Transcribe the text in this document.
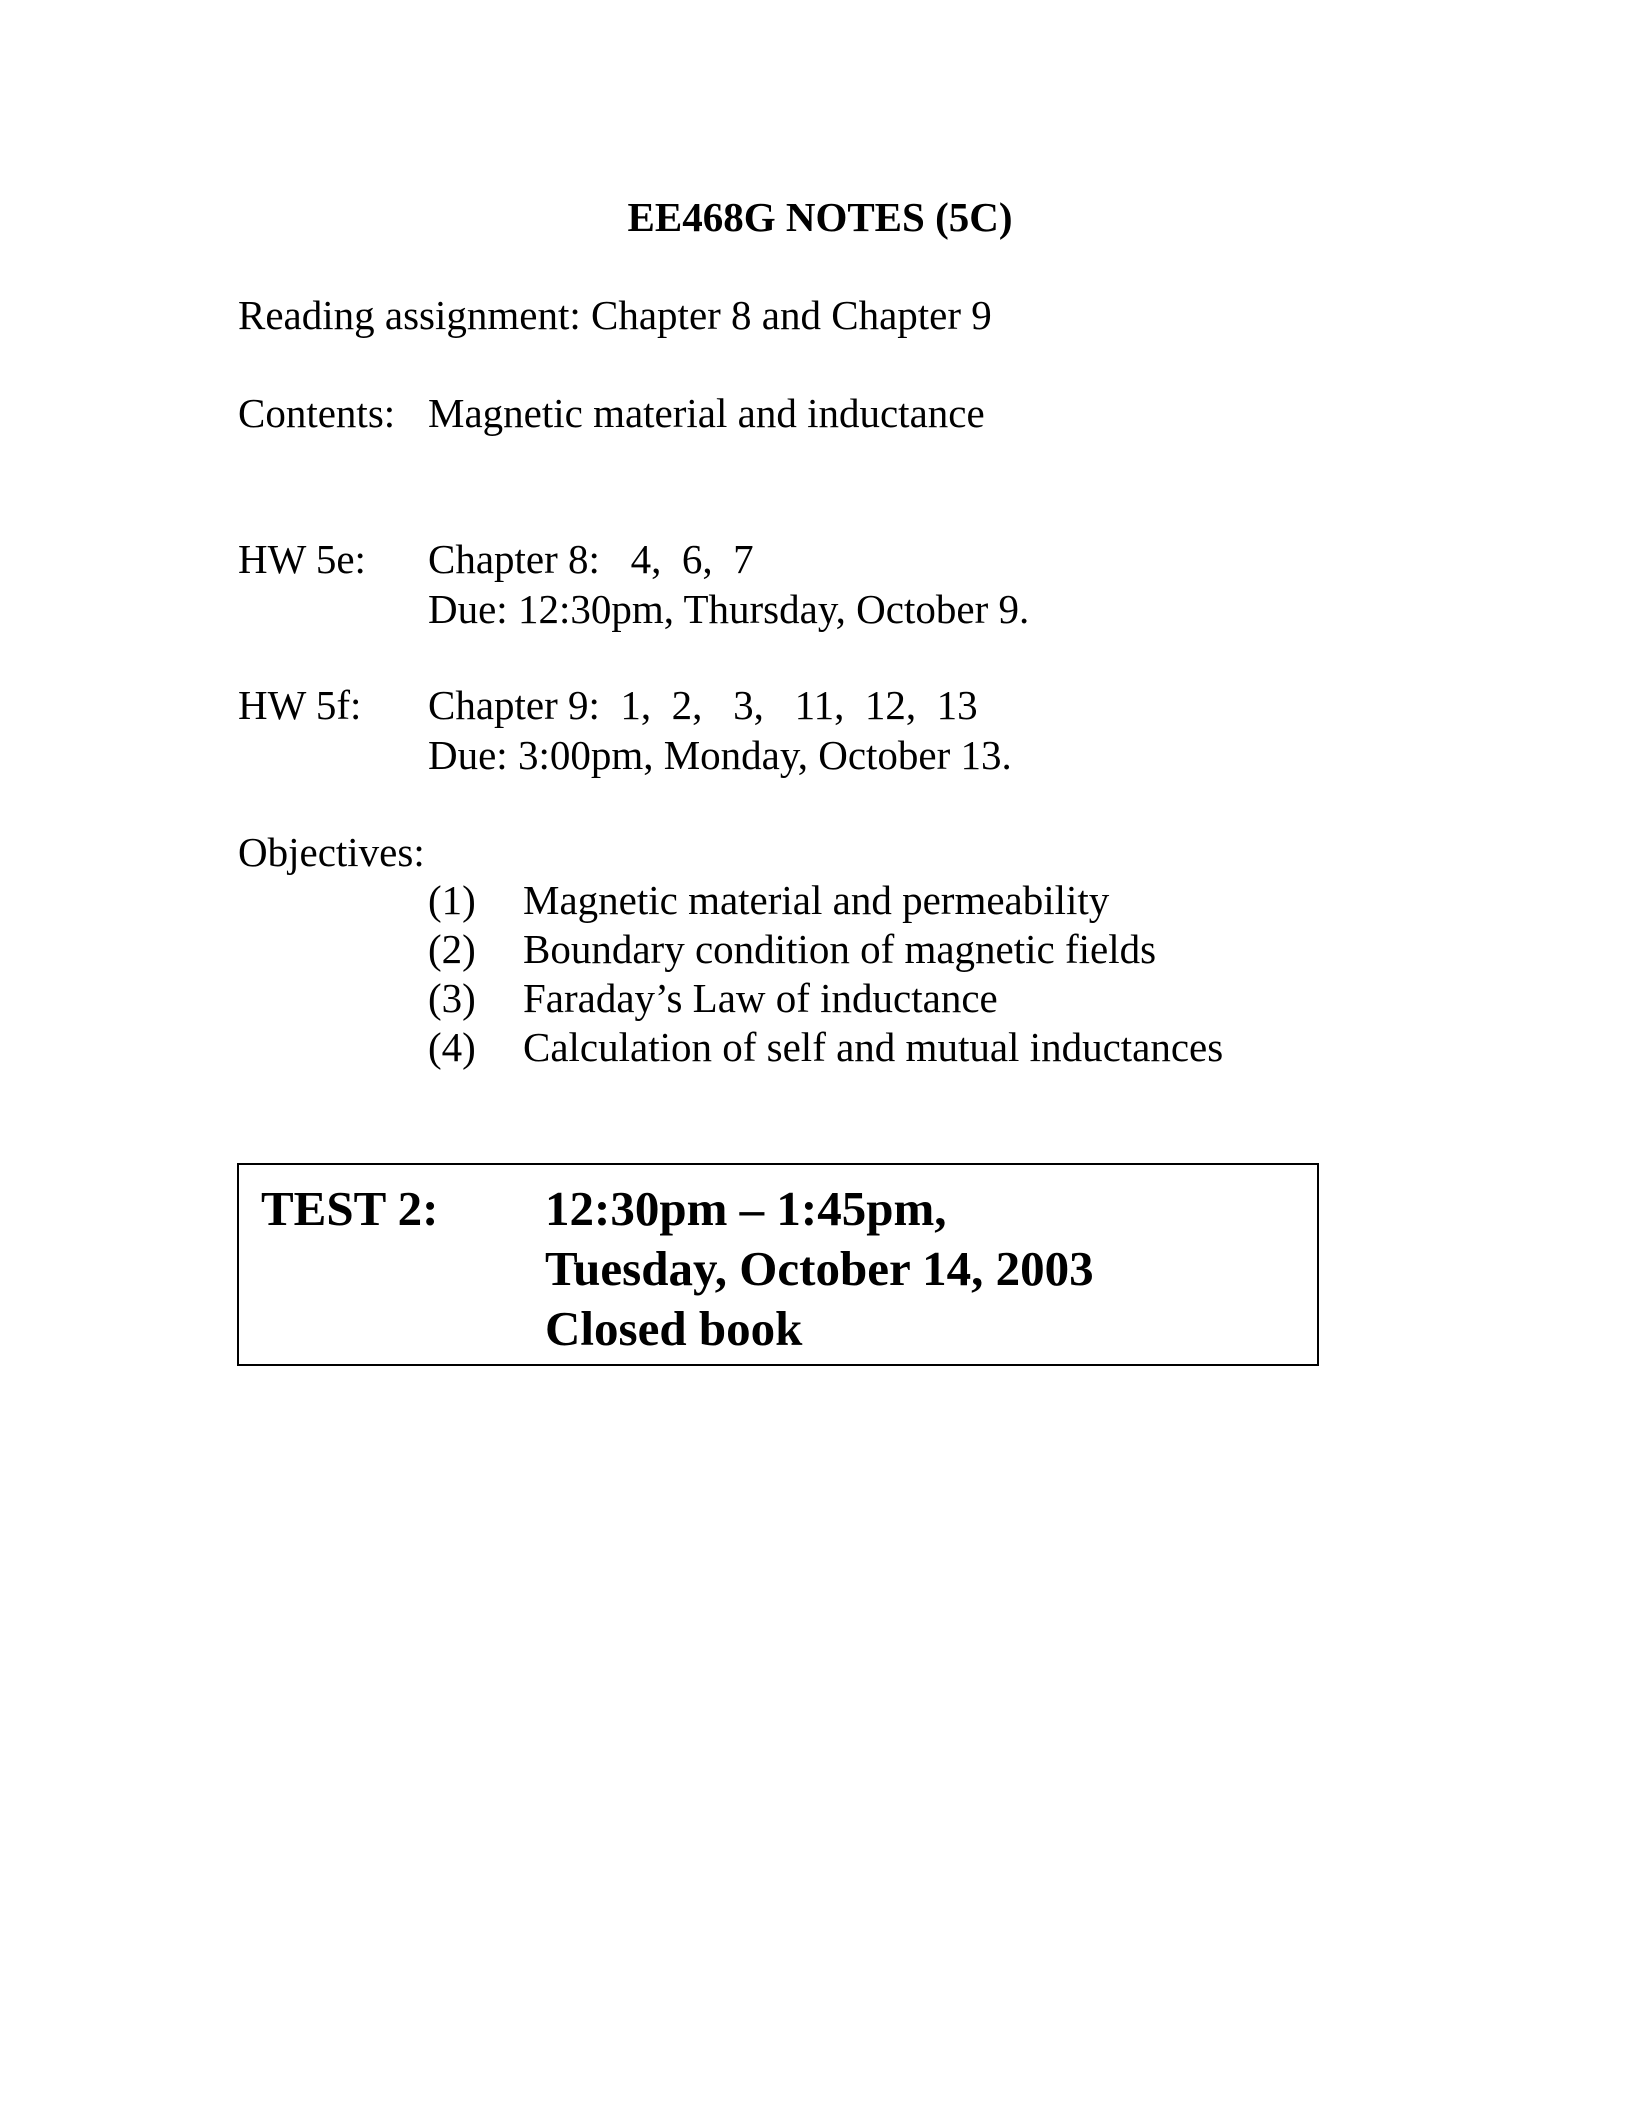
EE468G NOTES (5C)
Reading assignment: Chapter 8 and Chapter 9
Contents: Magnetic material and inductance
HW 5e: Chapter 8:   4,  6,  7
Due: 12:30pm, Thursday, October 9.
HW 5f: Chapter 9:  1,  2,   3,   11,  12,  13
Due: 3:00pm, Monday, October 13.
Objectives:
(1) Magnetic material and permeability
(2) Boundary condition of magnetic fields
(3) Faraday’s Law of inductance
(4) Calculation of self and mutual inductances
TEST 2: 12:30pm – 1:45pm,
Tuesday, October 14, 2003
Closed book
